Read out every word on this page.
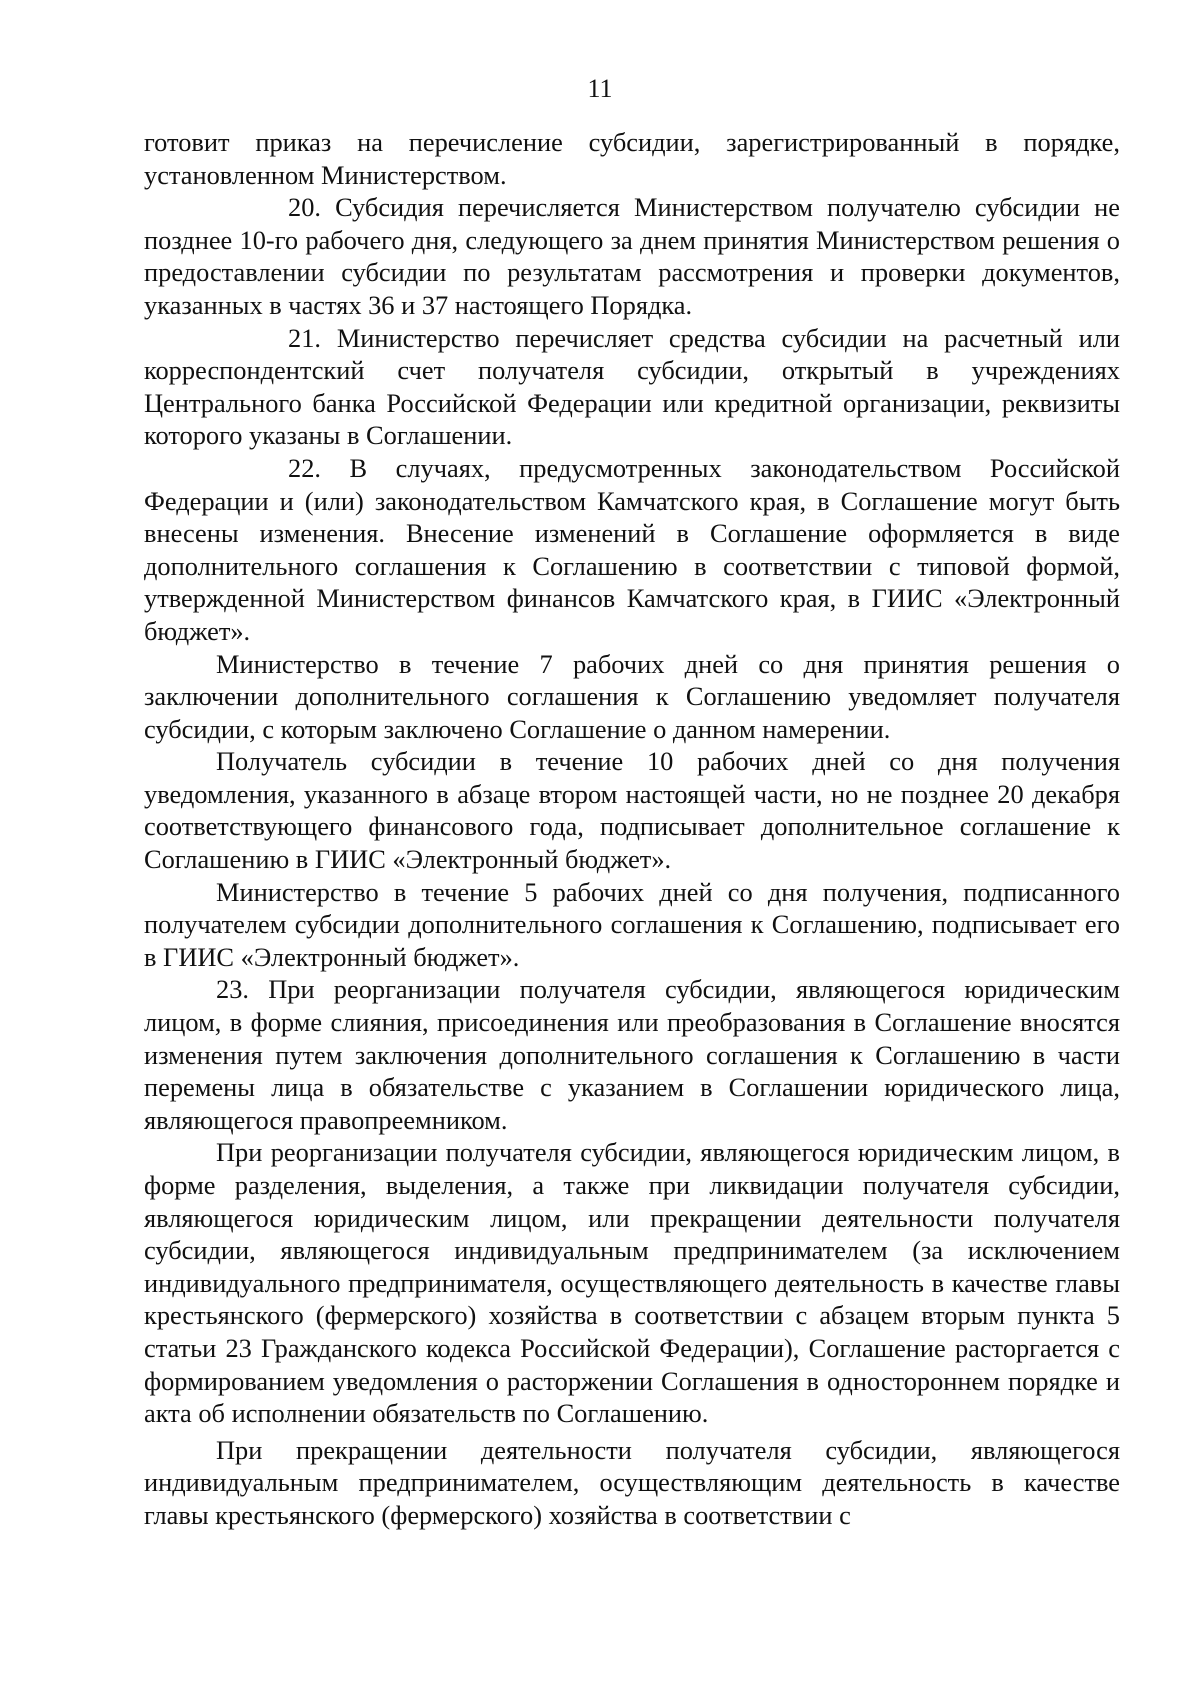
11

готовит приказ на перечисление субсидии, зарегистрированный в порядке, установленном Министерством.

20. Субсидия перечисляется Министерством получателю субсидии не позднее 10-го рабочего дня, следующего за днем принятия Министерством решения о предоставлении субсидии по результатам рассмотрения и проверки документов, указанных в частях 36 и 37 настоящего Порядка.

21. Министерство перечисляет средства субсидии на расчетный или корреспондентский счет получателя субсидии, открытый в учреждениях Центрального банка Российской Федерации или кредитной организации, реквизиты которого указаны в Соглашении.

22. В случаях, предусмотренных законодательством Российской Федерации и (или) законодательством Камчатского края, в Соглашение могут быть внесены изменения. Внесение изменений в Соглашение оформляется в виде дополнительного соглашения к Соглашению в соответствии с типовой формой, утвержденной Министерством финансов Камчатского края, в ГИИС «Электронный бюджет».

Министерство в течение 7 рабочих дней со дня принятия решения о заключении дополнительного соглашения к Соглашению уведомляет получателя субсидии, с которым заключено Соглашение о данном намерении.

Получатель субсидии в течение 10 рабочих дней со дня получения уведомления, указанного в абзаце втором настоящей части, но не позднее 20 декабря соответствующего финансового года, подписывает дополнительное соглашение к Соглашению в ГИИС «Электронный бюджет».

Министерство в течение 5 рабочих дней со дня получения, подписанного получателем субсидии дополнительного соглашения к Соглашению, подписывает его в ГИИС «Электронный бюджет».

23. При реорганизации получателя субсидии, являющегося юридическим лицом, в форме слияния, присоединения или преобразования в Соглашение вносятся изменения путем заключения дополнительного соглашения к Соглашению в части перемены лица в обязательстве с указанием в Соглашении юридического лица, являющегося правопреемником.

При реорганизации получателя субсидии, являющегося юридическим лицом, в форме разделения, выделения, а также при ликвидации получателя субсидии, являющегося юридическим лицом, или прекращении деятельности получателя субсидии, являющегося индивидуальным предпринимателем (за исключением индивидуального предпринимателя, осуществляющего деятельность в качестве главы крестьянского (фермерского) хозяйства в соответствии с абзацем вторым пункта 5 статьи 23 Гражданского кодекса Российской Федерации), Соглашение расторгается с формированием уведомления о расторжении Соглашения в одностороннем порядке и акта об исполнении обязательств по Соглашению.

При прекращении деятельности получателя субсидии, являющегося индивидуальным предпринимателем, осуществляющим деятельность в качестве главы крестьянского (фермерского) хозяйства в соответствии с
